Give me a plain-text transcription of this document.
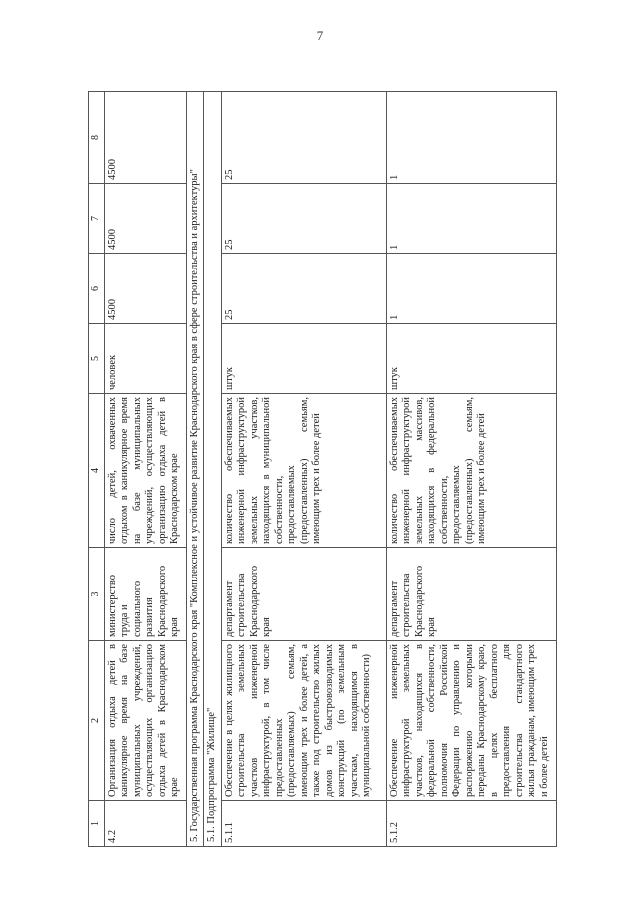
7
1	2	3	4	5	6	7	8
4.2	Организация отдыха детей в каникулярное время на базе муниципальных учреждений, осуществляющих организацию отдыха детей в Краснодарском крае	министерство труда и социального развития Краснодарского края	число детей, охваченных отдыхом в каникулярное время на базе муниципальных учреждений, осуществляющих организацию отдыха детей в Краснодарском крае	человек	4500	4500	4500
5. Государственная программа Краснодарского края "Комплексное и устойчивое развитие Краснодарского края в сфере строительства и архитектуры"							
5.1. Подпрограмма "Жилище"							
5.1.1	Обеспечение в целях жилищного строительства земельных участков инженерной инфраструктурой, в том числе предоставленных (предоставляемых) семьям, имеющим трех и более детей, а также под строительство жилых домов из быстровозводимых конструкций (по земельным участкам, находящимся в муниципальной собственности)	департамент строительства Краснодарского края	количество обеспечиваемых инженерной инфраструктурой земельных участков, находящихся в муниципальной собственности, предоставляемых (предоставленных) семьям, имеющим трех и более детей	штук	25	25	25
5.1.2	Обеспечение инженерной инфраструктурой земельных участков, находящихся в федеральной собственности, полномочия Российской Федерации по управлению и распоряжению которыми переданы Краснодарскому краю, в целях бесплатного предоставления для строительства стандартного жилья гражданам, имеющим трех и более детей	департамент строительства Краснодарского края	количество обеспечиваемых инженерной инфраструктурой земельных массивов, находящихся в федеральной собственности, предоставляемых (предоставленных) семьям, имеющим трех и более детей	штук	1	1	1
